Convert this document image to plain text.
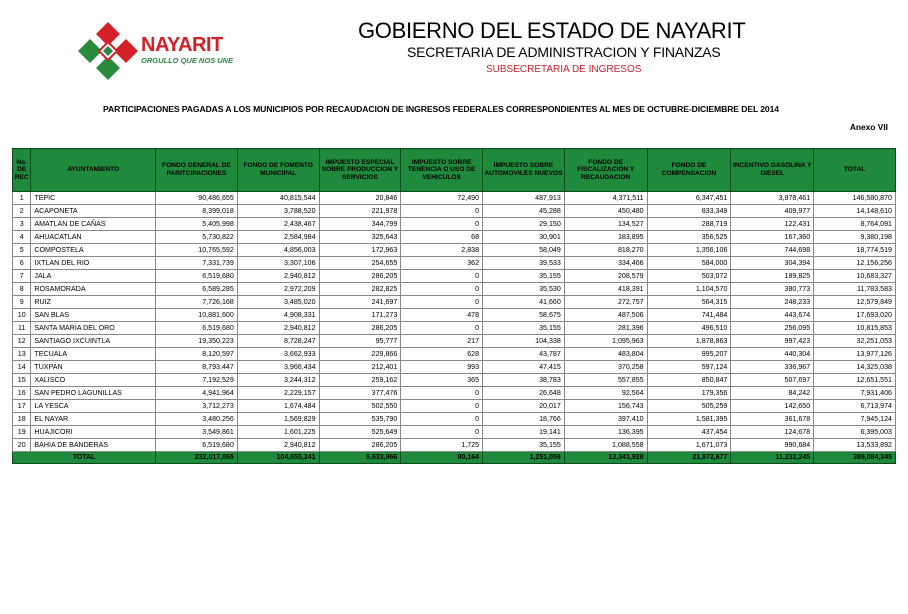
NAYARIT
ORGULLO QUE NOS UNE
GOBIERNO DEL ESTADO DE NAYARIT
SECRETARIA DE ADMINISTRACION Y FINANZAS
SUBSECRETARIA DE INGRESOS
PARTICIPACIONES PAGADAS A LOS MUNICIPIOS POR RECAUDACION DE INGRESOS FEDERALES CORRESPONDIENTES AL MES DE OCTUBRE-DICIEMBRE DEL 2014
Anexo VII
No. DE REC	AYUNTAMIENTO	FONDO GENERAL DE PARITCIPACIONES	FONDO DE FOMENTO MUNICIPAL	IMPUESTO ESPECIAL SOBRE PRODUCCION Y SERVICIOS	IMPUESTO SOBRE TENENCIA O USO DE VEHICULOS	IMPUESTO SOBRE AUTOMOVILES NUEVOS	FONDO DE FISCALIZACION Y RECAUDACION	FONDO DE COMPENSACION	INCENTIVO GASOLINA Y DIESEL	TOTAL
1	TEPIC	90,486,655	40,815,544	20,846	72,490	487,913	4,371,511	6,347,451	3,978,461	146,580,870
2	ACAPONETA	8,399,018	3,788,520	221,978	0	45,288	450,480	833,349	409,977	14,148,610
3	AMATLAN DE CAÑAS	5,405,998	2,438,467	344,799	0	29,150	134,527	288,719	122,431	8,764,091
4	AHUACATLAN	5,730,822	2,584,984	325,643	68	30,901	183,895	356,525	167,360	9,380,198
5	COMPOSTELA	10,765,592	4,856,003	172,963	2,838	58,049	818,270	1,356,106	744,698	18,774,519
6	IXTLAN DEL RIO	7,331,739	3,307,106	254,655	362	39,533	334,466	584,000	304,394	12,156,256
7	JALA	6,519,680	2,940,812	286,205	0	35,155	208,579	503,072	189,825	10,683,327
8	ROSAMORADA	6,589,285	2,972,209	282,825	0	35,530	418,391	1,104,570	380,773	11,783,583
9	RUIZ	7,726,168	3,485,020	241,697	0	41,660	272,757	564,315	248,233	12,579,849
10	SAN BLAS	10,881,600	4,908,331	171,273	478	58,675	487,506	741,484	443,674	17,693,020
11	SANTA MARIA DEL ORO	6,519,680	2,940,812	286,205	0	35,155	281,396	496,510	256,095	10,815,853
12	SANTIAGO IXCUINTLA	19,350,223	8,728,247	95,777	217	104,338	1,095,963	1,878,863	997,423	32,251,053
13	TECUALA	8,120,597	3,662,933	229,866	628	43,787	483,804	995,207	440,304	13,977,126
14	TUXPAN	8,793,447	3,966,434	212,401	993	47,415	370,258	597,124	336,967	14,325,038
15	XALISCO	7,192,529	3,244,312	259,162	365	38,783	557,855	850,847	507,697	12,651,551
16	SAN PEDRO LAGUNILLAS	4,941,964	2,229,157	377,476	0	26,648	92,564	179,356	84,242	7,931,406
17	LA YESCA	3,712,273	1,674,484	502,550	0	20,017	156,743	505,259	142,650	6,713,974
18	EL NAYAR	3,480,256	1,569,829	535,790	0	18,766	397,410	1,581,395	361,678	7,945,124
19	HUAJICORI	3,549,861	1,601,225	525,649	0	19,141	136,395	437,454	124,678	6,395,003
20	BAHIA DE BANDERAS	6,519,680	2,940,812	286,205	1,725	35,155	1,088,558	1,671,073	990,684	13,533,892
TOTAL		232,017,065	104,655,241	5,633,966	80,164	1,251,059	12,341,928	21,872,677	11,232,245	389,084,345
